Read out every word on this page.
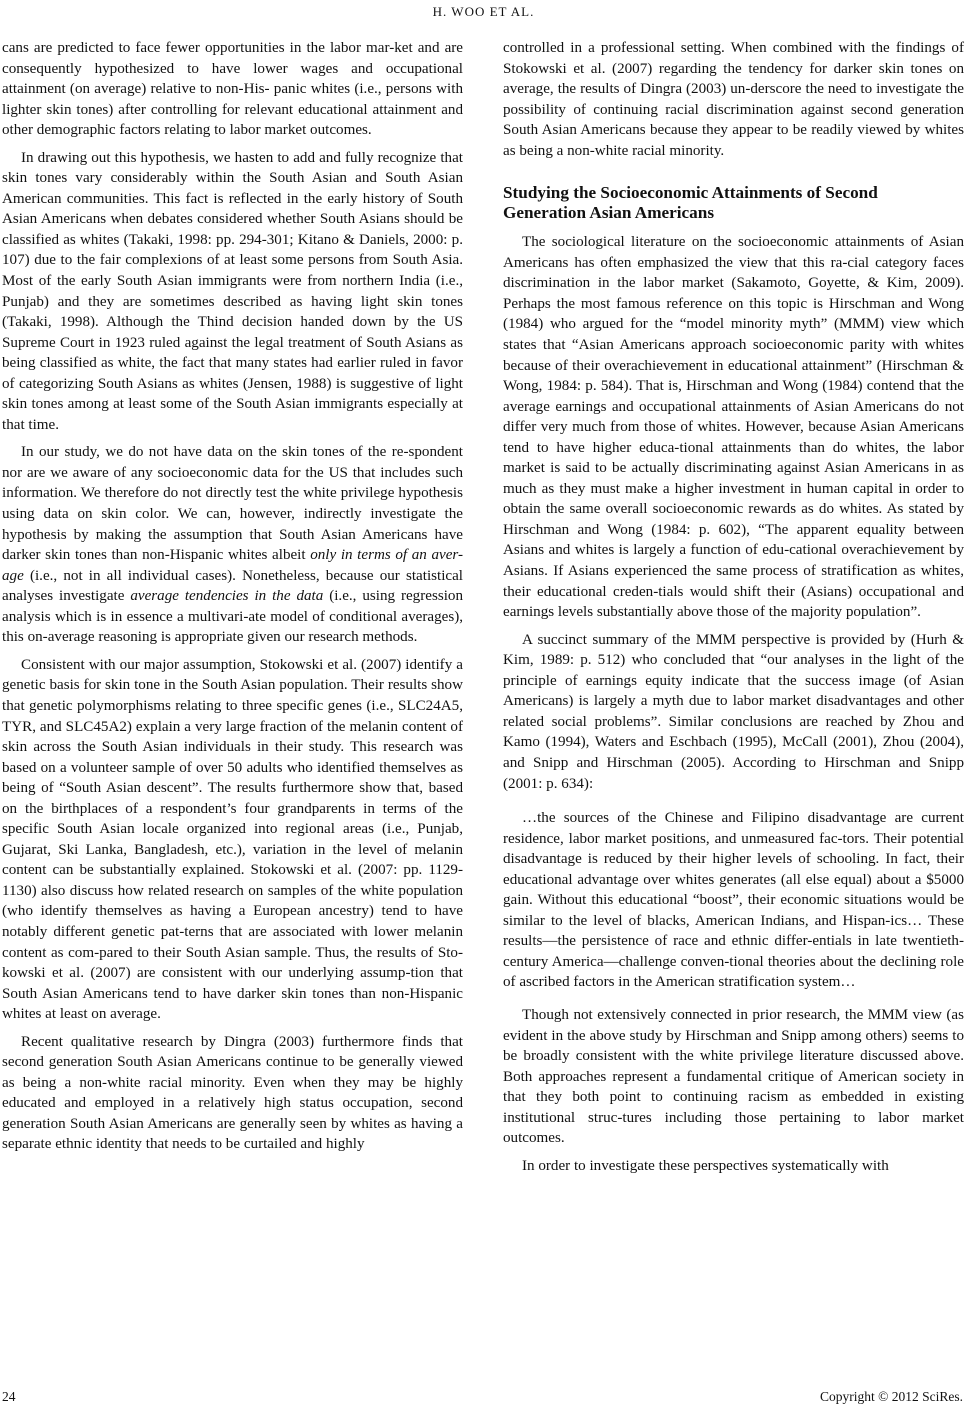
H. WOO ET AL.

cans are predicted to face fewer opportunities in the labor mar-ket and are consequently hypothesized to have lower wages and occupational attainment (on average) relative to non-His- panic whites (i.e., persons with lighter skin tones) after controlling for relevant educational attainment and other demographic factors relating to labor market outcomes.

In drawing out this hypothesis, we hasten to add and fully recognize that skin tones vary considerably within the South Asian and South Asian American communities. This fact is reflected in the early history of South Asian Americans when debates considered whether South Asians should be classified as whites (Takaki, 1998: pp. 294-301; Kitano & Daniels, 2000: p. 107) due to the fair complexions of at least some persons from South Asia. Most of the early South Asian immigrants were from northern India (i.e., Punjab) and they are sometimes described as having light skin tones (Takaki, 1998). Although the Thind decision handed down by the US Supreme Court in 1923 ruled against the legal treatment of South Asians as being classified as white, the fact that many states had earlier ruled in favor of categorizing South Asians as whites (Jensen, 1988) is suggestive of light skin tones among at least some of the South Asian immigrants especially at that time.

In our study, we do not have data on the skin tones of the re-spondent nor are we aware of any socioeconomic data for the US that includes such information. We therefore do not directly test the white privilege hypothesis using data on skin color. We can, however, indirectly investigate the hypothesis by making the assumption that South Asian Americans have darker skin tones than non-Hispanic whites albeit only in terms of an aver-age (i.e., not in all individual cases). Nonetheless, because our statistical analyses investigate average tendencies in the data (i.e., using regression analysis which is in essence a multivari-ate model of conditional averages), this on-average reasoning is appropriate given our research methods.

Consistent with our major assumption, Stokowski et al. (2007) identify a genetic basis for skin tone in the South Asian population. Their results show that genetic polymorphisms relating to three specific genes (i.e., SLC24A5, TYR, and SLC45A2) explain a very large fraction of the melanin content of skin across the South Asian individuals in their study. This research was based on a volunteer sample of over 50 adults who identified themselves as being of “South Asian descent”. The results furthermore show that, based on the birthplaces of a respondent’s four grandparents in terms of the specific South Asian locale organized into regional areas (i.e., Punjab, Gujarat, Ski Lanka, Bangladesh, etc.), variation in the level of melanin content can be substantially explained. Stokowski et al. (2007: pp. 1129-1130) also discuss how related research on samples of the white population (who identify themselves as having a European ancestry) tend to have notably different genetic pat-terns that are associated with lower melanin content as com-pared to their South Asian sample. Thus, the results of Sto-kowski et al. (2007) are consistent with our underlying assump-tion that South Asian Americans tend to have darker skin tones than non-Hispanic whites at least on average.

Recent qualitative research by Dingra (2003) furthermore finds that second generation South Asian Americans continue to be generally viewed as being a non-white racial minority. Even when they may be highly educated and employed in a relatively high status occupation, second generation South Asian Americans are generally seen by whites as having a separate ethnic identity that needs to be curtailed and highly

controlled in a professional setting. When combined with the findings of Stokowski et al. (2007) regarding the tendency for darker skin tones on average, the results of Dingra (2003) un-derscore the need to investigate the possibility of continuing racial discrimination against second generation South Asian Americans because they appear to be readily viewed by whites as being a non-white racial minority.

Studying the Socioeconomic Attainments of Second Generation Asian Americans

The sociological literature on the socioeconomic attainments of Asian Americans has often emphasized the view that this ra-cial category faces discrimination in the labor market (Sakamoto, Goyette, & Kim, 2009). Perhaps the most famous reference on this topic is Hirschman and Wong (1984) who argued for the “model minority myth” (MMM) view which states that “Asian Americans approach socioeconomic parity with whites because of their overachievement in educational attainment” (Hirschman & Wong, 1984: p. 584). That is, Hirschman and Wong (1984) contend that the average earnings and occupational attainments of Asian Americans do not differ very much from those of whites. However, because Asian Americans tend to have higher educa-tional attainments than do whites, the labor market is said to be actually discriminating against Asian Americans in as much as they must make a higher investment in human capital in order to obtain the same overall socioeconomic rewards as do whites. As stated by Hirschman and Wong (1984: p. 602), “The apparent equality between Asians and whites is largely a function of edu-cational overachievement by Asians. If Asians experienced the same process of stratification as whites, their educational creden-tials would shift their (Asians) occupational and earnings levels substantially above those of the majority population”.

A succinct summary of the MMM perspective is provided by (Hurh & Kim, 1989: p. 512) who concluded that “our analyses in the light of the principle of earnings equity indicate that the success image (of Asian Americans) is largely a myth due to labor market disadvantages and other related social problems”. Similar conclusions are reached by Zhou and Kamo (1994), Waters and Eschbach (1995), McCall (2001), Zhou (2004), and Snipp and Hirschman (2005). According to Hirschman and Snipp (2001: p. 634):

…the sources of the Chinese and Filipino disadvantage are current residence, labor market positions, and unmeasured fac-tors. Their potential disadvantage is reduced by their higher levels of schooling. In fact, their educational advantage over whites generates (all else equal) about a $5000 gain. Without this educational “boost”, their economic situations would be similar to the level of blacks, American Indians, and Hispan-ics… These results—the persistence of race and ethnic differ-entials in late twentieth-century America—challenge conven-tional theories about the declining role of ascribed factors in the American stratification system…

Though not extensively connected in prior research, the MMM view (as evident in the above study by Hirschman and Snipp among others) seems to be broadly consistent with the white privilege literature discussed above. Both approaches represent a fundamental critique of American society in that they both point to continuing racism as embedded in existing institutional struc-tures including those pertaining to labor market outcomes.

In order to investigate these perspectives systematically with

24	Copyright © 2012 SciRes.
